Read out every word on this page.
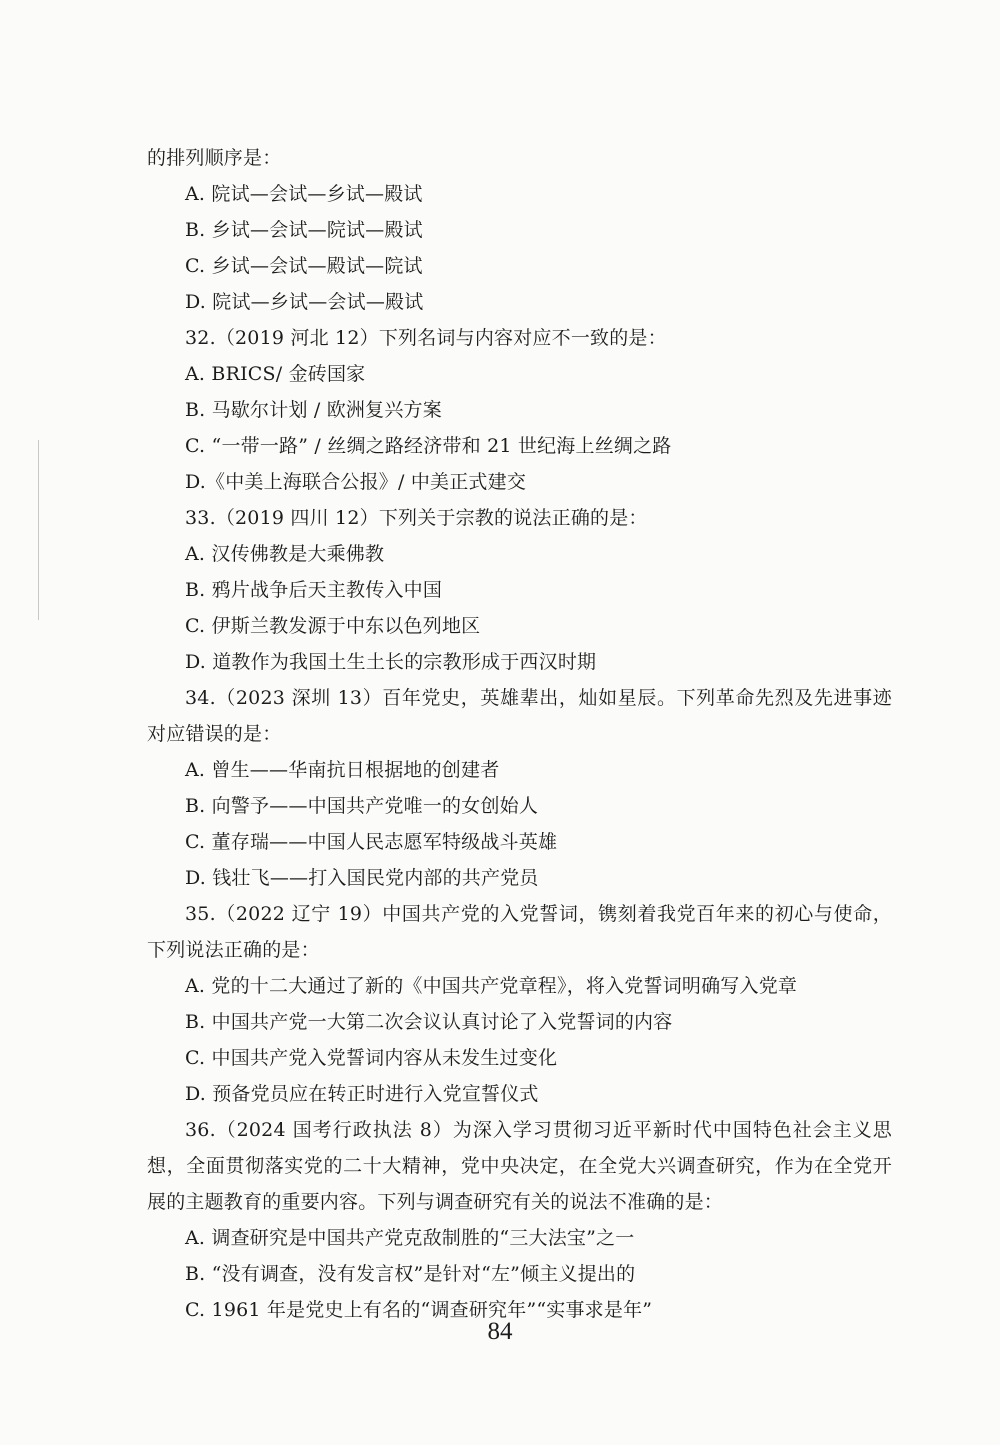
的排列顺序是：
A. 院试—会试—乡试—殿试
B. 乡试—会试—院试—殿试
C. 乡试—会试—殿试—院试
D. 院试—乡试—会试—殿试
32.（2019 河北 12）下列名词与内容对应不一致的是：
A. BRICS/ 金砖国家
B. 马歇尔计划 / 欧洲复兴方案
C. “一带一路” / 丝绸之路经济带和 21 世纪海上丝绸之路
D.《中美上海联合公报》/ 中美正式建交
33.（2019 四川 12）下列关于宗教的说法正确的是：
A. 汉传佛教是大乘佛教
B. 鸦片战争后天主教传入中国
C. 伊斯兰教发源于中东以色列地区
D. 道教作为我国土生土长的宗教形成于西汉时期
34.（2023 深圳 13）百年党史，英雄辈出，灿如星辰。下列革命先烈及先进事迹对应错误的是：
A. 曾生——华南抗日根据地的创建者
B. 向警予——中国共产党唯一的女创始人
C. 董存瑞——中国人民志愿军特级战斗英雄
D. 钱壮飞——打入国民党内部的共产党员
35.（2022 辽宁 19）中国共产党的入党誓词，镌刻着我党百年来的初心与使命，下列说法正确的是：
A. 党的十二大通过了新的《中国共产党章程》，将入党誓词明确写入党章
B. 中国共产党一大第二次会议认真讨论了入党誓词的内容
C. 中国共产党入党誓词内容从未发生过变化
D. 预备党员应在转正时进行入党宣誓仪式
36.（2024 国考行政执法 8）为深入学习贯彻习近平新时代中国特色社会主义思想，全面贯彻落实党的二十大精神，党中央决定，在全党大兴调查研究，作为在全党开展的主题教育的重要内容。下列与调查研究有关的说法不准确的是：
A. 调查研究是中国共产党克敌制胜的“三大法宝”之一
B. “没有调查，没有发言权”是针对“左”倾主义提出的
C. 1961 年是党史上有名的“调查研究年”“实事求是年”
84
